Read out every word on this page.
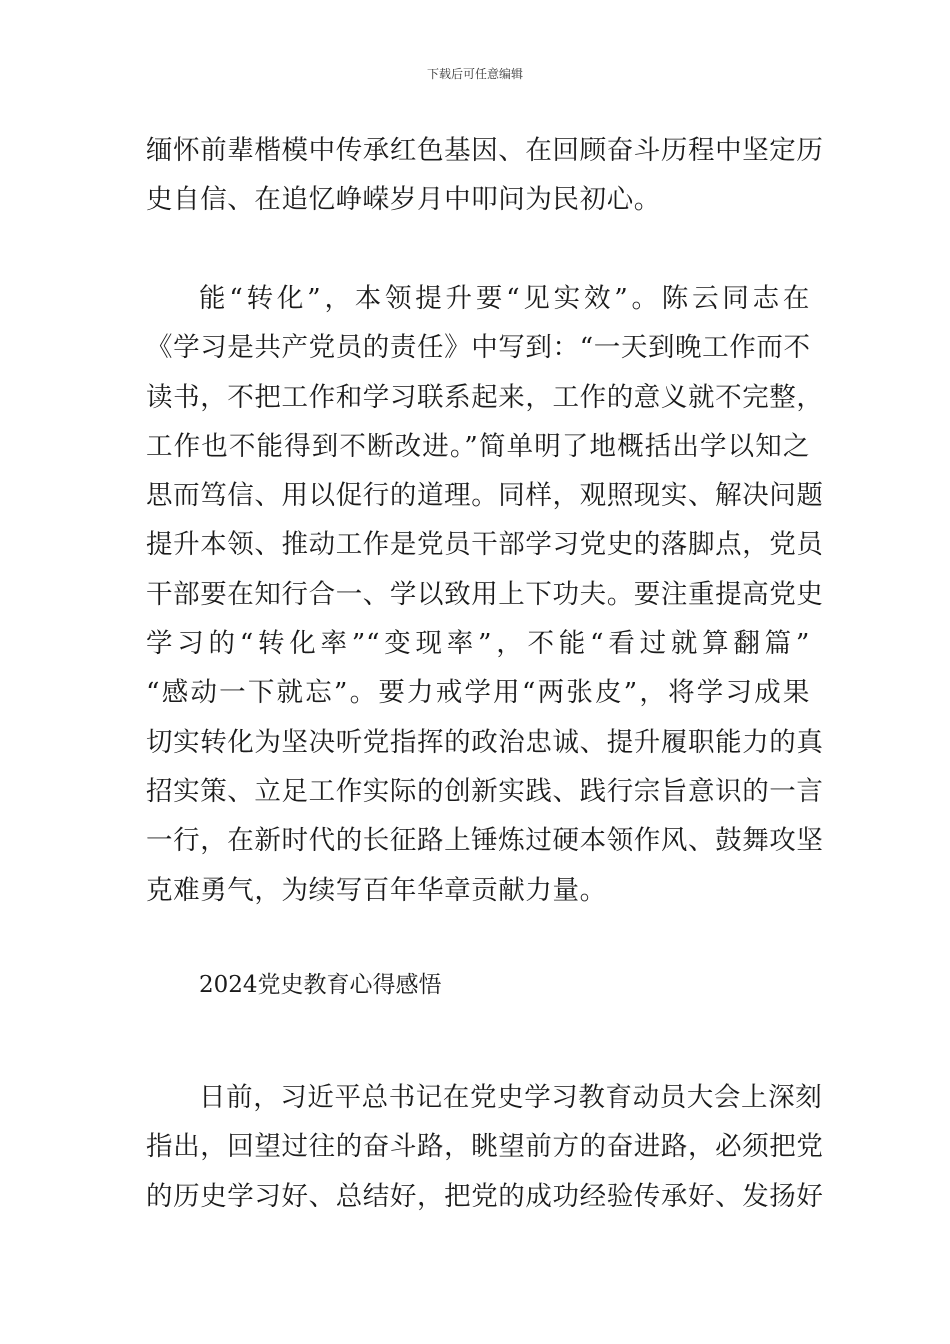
下载后可任意编辑
缅怀前辈楷模中传承红色基因、在回顾奋斗历程中坚定历
史自信、在追忆峥嵘岁月中叩问为民初心。
能“转化”，本领提升要“见实效”。陈云同志在
《学习是共产党员的责任》中写到：“一天到晚工作而不
读书，不把工作和学习联系起来，工作的意义就不完整，
工作也不能得到不断改进。”简单明了地概括出学以知之
思而笃信、用以促行的道理。同样，观照现实、解决问题
提升本领、推动工作是党员干部学习党史的落脚点，党员
干部要在知行合一、学以致用上下功夫。要注重提高党史
学习的“转化率”“变现率”，不能“看过就算翻篇”
“感动一下就忘”。要力戒学用“两张皮”，将学习成果
切实转化为坚决听党指挥的政治忠诚、提升履职能力的真
招实策、立足工作实际的创新实践、践行宗旨意识的一言
一行，在新时代的长征路上锤炼过硬本领作风、鼓舞攻坚
克难勇气，为续写百年华章贡献力量。
2024党史教育心得感悟
日前，习近平总书记在党史学习教育动员大会上深刻
指出，回望过往的奋斗路，眺望前方的奋进路，必须把党
的历史学习好、总结好，把党的成功经验传承好、发扬好
